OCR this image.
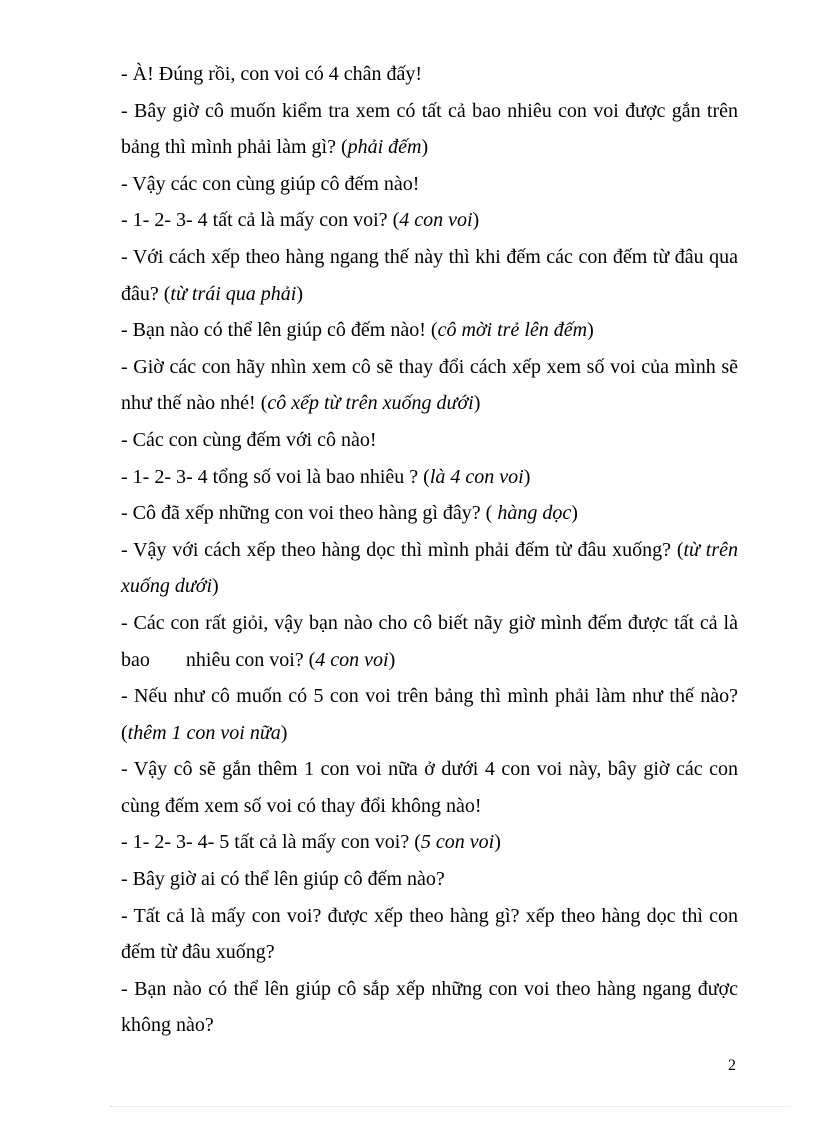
- À! Đúng rồi, con voi có 4 chân đấy!

- Bây giờ cô muốn kiểm tra xem có tất cả bao nhiêu con voi được gắn trên bảng thì mình phải làm gì? (phải đếm)

- Vậy các con cùng giúp cô đếm nào!

- 1- 2- 3- 4 tất cả là mấy con voi? (4 con voi)

- Với cách xếp theo hàng ngang thế này thì khi đếm các con đếm từ đâu qua đâu? (từ trái qua phải)

- Bạn nào có thể lên giúp cô đếm nào! (cô mời trẻ lên đếm)

- Giờ các con hãy nhìn xem cô sẽ thay đổi cách xếp xem số voi của mình sẽ như thế nào nhé! (cô xếp từ trên xuống dưới)

- Các con cùng đếm với cô nào!

- 1- 2- 3- 4 tổng số voi là bao nhiêu ? (là 4 con voi)

- Cô đã xếp những con voi theo hàng gì đây? ( hàng dọc)

- Vậy với cách xếp theo hàng dọc thì mình phải đếm từ đâu xuống? (từ trên xuống dưới)

- Các con rất giỏi, vậy bạn nào cho cô biết nãy giờ mình đếm được tất cả là bao nhiêu con voi? (4 con voi)

- Nếu như cô muốn có 5 con voi trên bảng thì mình phải làm như thế nào? (thêm 1 con voi nữa)

- Vậy cô sẽ gắn thêm 1 con voi nữa ở dưới 4 con voi này, bây giờ các con cùng đếm xem số voi có thay đổi không nào!

- 1- 2- 3- 4- 5 tất cả là mấy con voi? (5 con voi)

- Bây giờ ai có thể lên giúp cô đếm nào?

- Tất cả là mấy con voi? được xếp theo hàng gì? xếp theo hàng dọc thì con đếm từ đâu xuống?

- Bạn nào có thể lên giúp cô sắp xếp những con voi theo hàng ngang được không nào?

2
